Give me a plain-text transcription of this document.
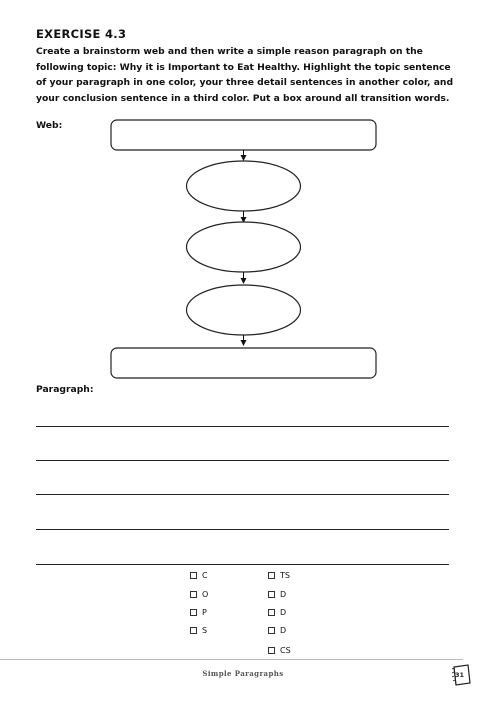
EXERCISE 4.3
Create a brainstorm web and then write a simple reason paragraph on the following topic: Why it is Important to Eat Healthy. Highlight the topic sentence of your paragraph in one color, your three detail sentences in another color, and your conclusion sentence in a third color. Put a box around all transition words.
Web:
Paragraph:
C
O
P
S
TS
D
D
D
CS
Simple Paragraphs	31
